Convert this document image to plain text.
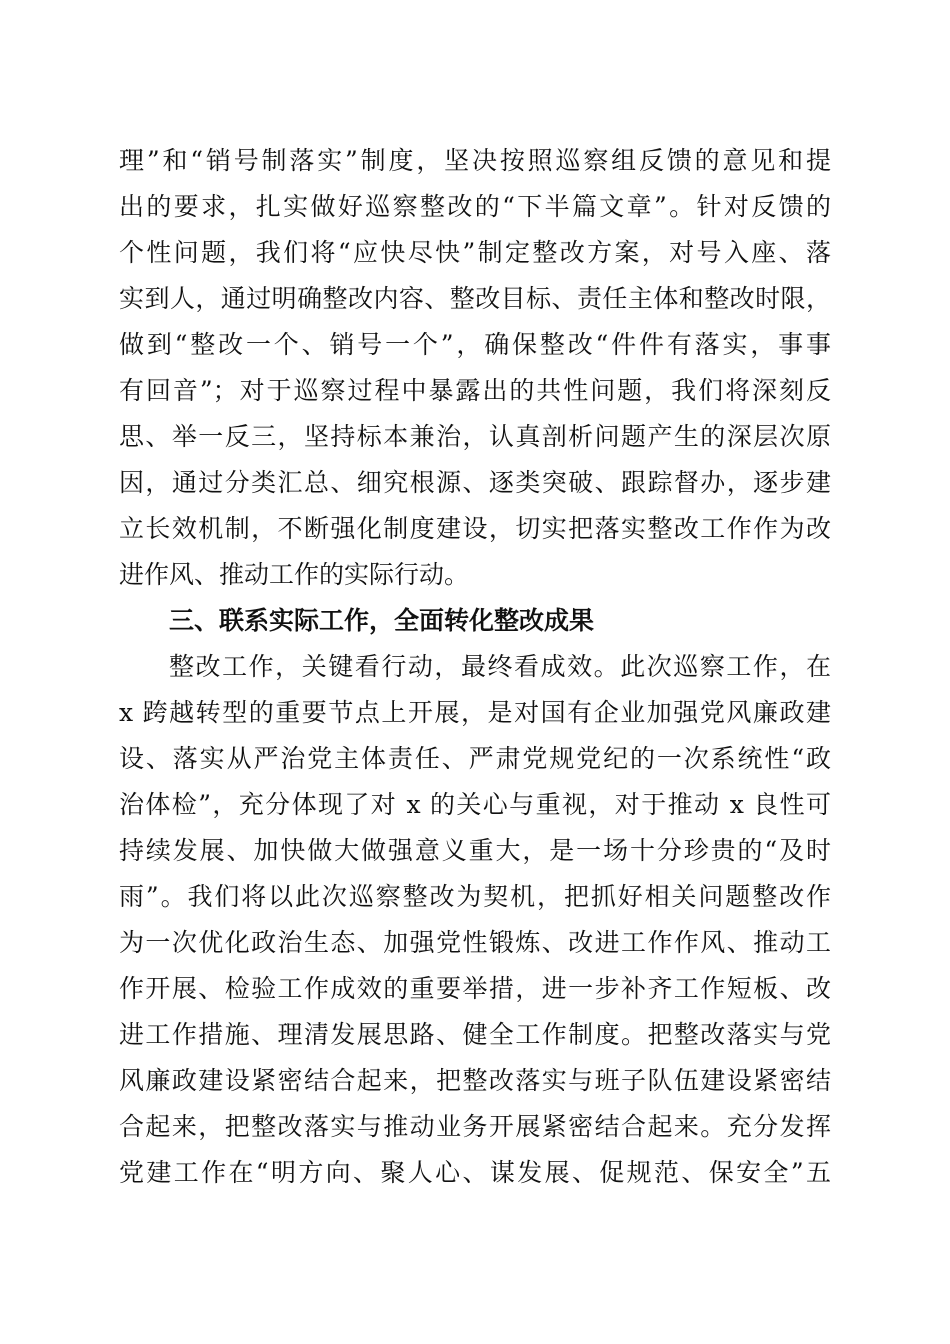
理”和“销号制落实”制度，坚决按照巡察组反馈的意见和提
出的要求，扎实做好巡察整改的“下半篇文章”。针对反馈的
个性问题，我们将“应快尽快”制定整改方案，对号入座、落
实到人，通过明确整改内容、整改目标、责任主体和整改时限，
做到“整改一个、销号一个”，确保整改“件件有落实，事事
有回音”；对于巡察过程中暴露出的共性问题，我们将深刻反
思、举一反三，坚持标本兼治，认真剖析问题产生的深层次原
因，通过分类汇总、细究根源、逐类突破、跟踪督办，逐步建
立长效机制，不断强化制度建设，切实把落实整改工作作为改
进作风、推动工作的实际行动。
三、联系实际工作，全面转化整改成果
整改工作，关键看行动，最终看成效。此次巡察工作，在
x 跨越转型的重要节点上开展，是对国有企业加强党风廉政建
设、落实从严治党主体责任、严肃党规党纪的一次系统性“政
治体检”，充分体现了对 x 的关心与重视，对于推动 x 良性可
持续发展、加快做大做强意义重大，是一场十分珍贵的“及时
雨”。我们将以此次巡察整改为契机，把抓好相关问题整改作
为一次优化政治生态、加强党性锻炼、改进工作作风、推动工
作开展、检验工作成效的重要举措，进一步补齐工作短板、改
进工作措施、理清发展思路、健全工作制度。把整改落实与党
风廉政建设紧密结合起来，把整改落实与班子队伍建设紧密结
合起来，把整改落实与推动业务开展紧密结合起来。充分发挥
党建工作在“明方向、聚人心、谋发展、促规范、保安全”五
